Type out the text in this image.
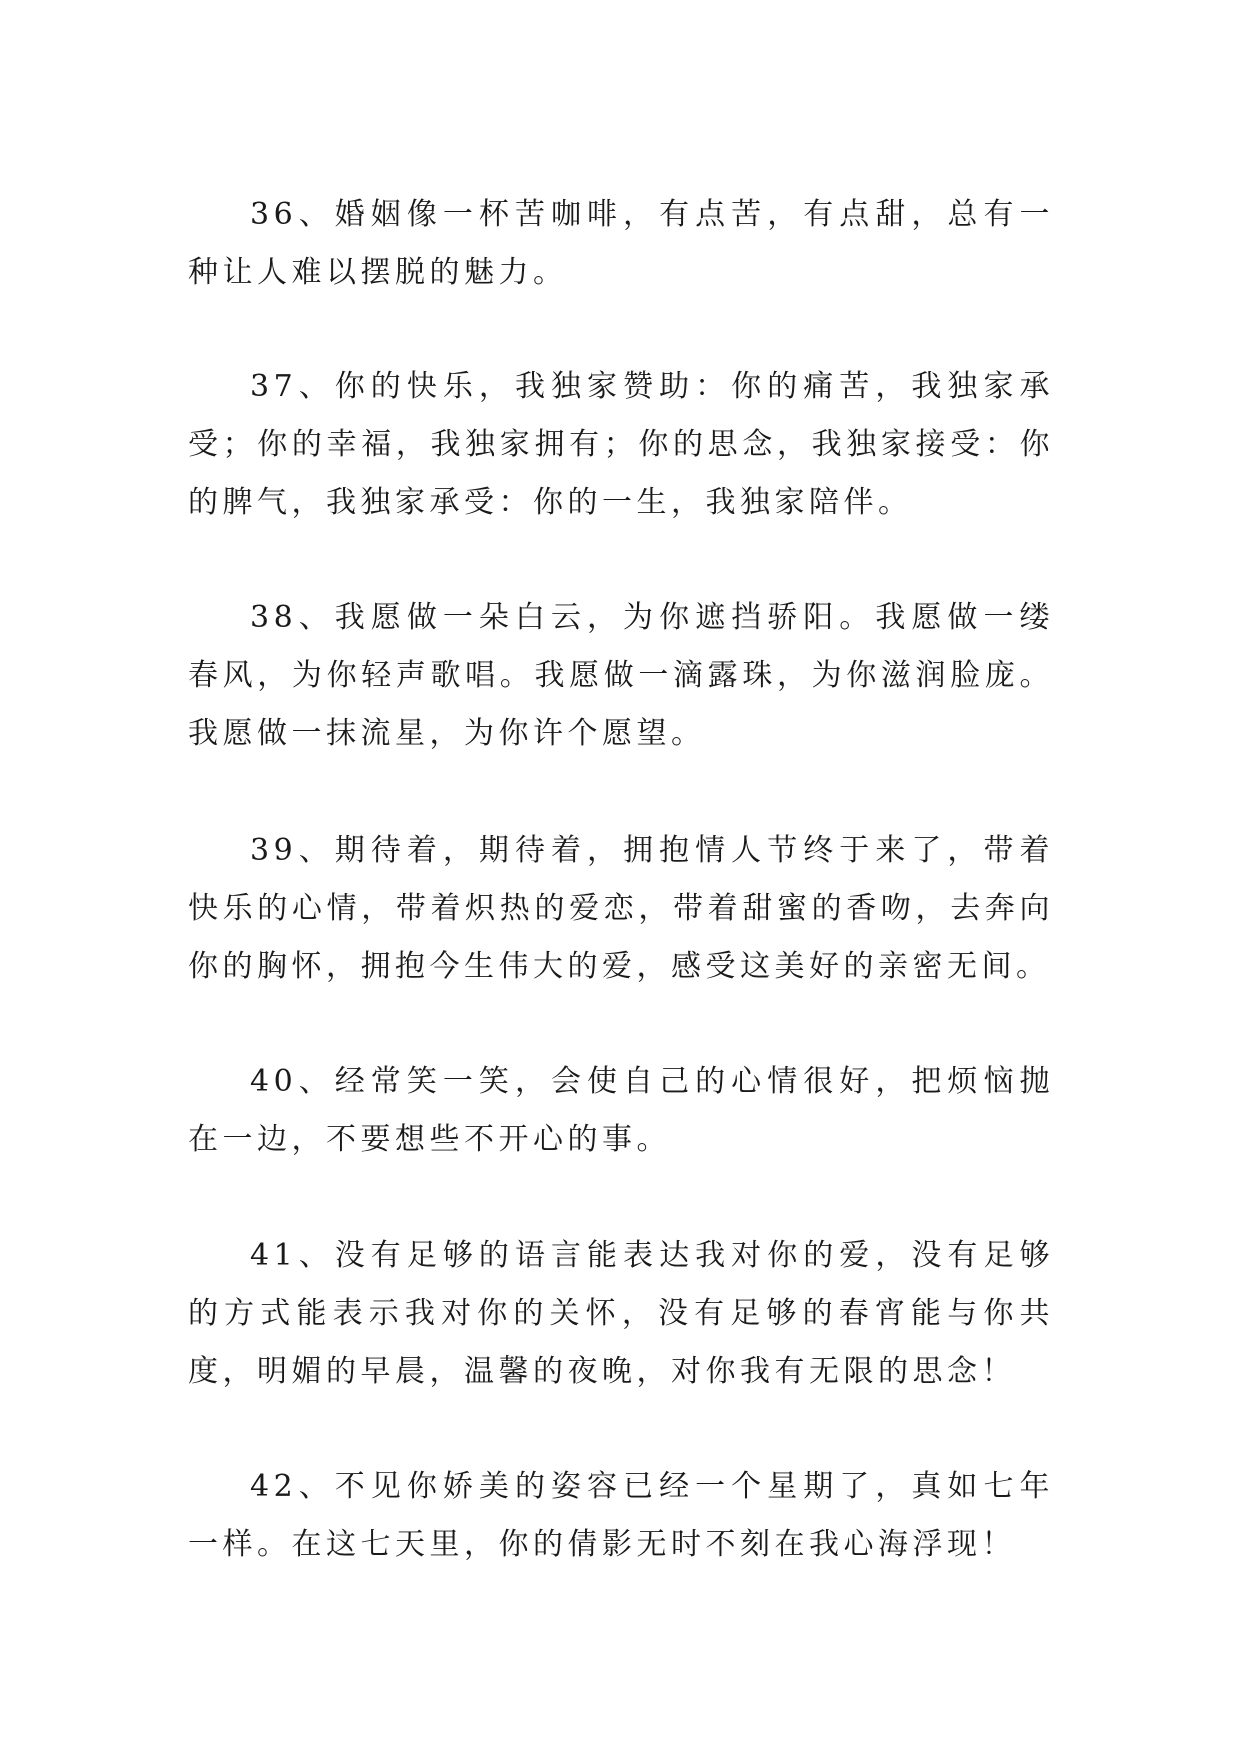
36、婚姻像一杯苦咖啡，有点苦，有点甜，总有一种让人难以摆脱的魅力。

37、你的快乐，我独家赞助：你的痛苦，我独家承受；你的幸福，我独家拥有；你的思念，我独家接受：你的脾气，我独家承受：你的一生，我独家陪伴。

38、我愿做一朵白云，为你遮挡骄阳。我愿做一缕春风，为你轻声歌唱。我愿做一滴露珠，为你滋润脸庞。我愿做一抹流星，为你许个愿望。

39、期待着，期待着，拥抱情人节终于来了，带着快乐的心情，带着炽热的爱恋，带着甜蜜的香吻，去奔向你的胸怀，拥抱今生伟大的爱，感受这美好的亲密无间。

40、经常笑一笑，会使自己的心情很好，把烦恼抛在一边，不要想些不开心的事。

41、没有足够的语言能表达我对你的爱，没有足够的方式能表示我对你的关怀，没有足够的春宵能与你共度，明媚的早晨，温馨的夜晚，对你我有无限的思念！

42、不见你娇美的姿容已经一个星期了，真如七年一样。在这七天里，你的倩影无时不刻在我心海浮现！
